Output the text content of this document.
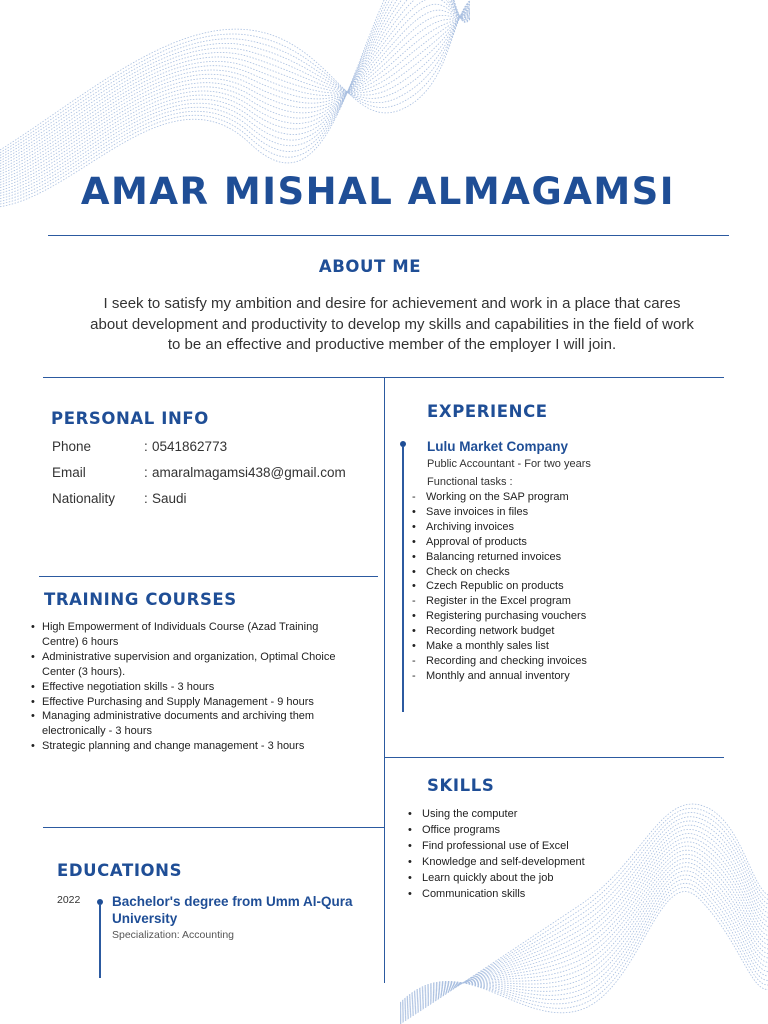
AMAR MISHAL ALMAGAMSI
ABOUT ME
I seek to satisfy my ambition and desire for achievement and work in a place that cares about development and productivity to develop my skills and capabilities in the field of work to be an effective and productive member of the employer I will join.
PERSONAL INFO
Phone	: 0541862773
Email	: amaralmagamsi438@gmail.com
Nationality : Saudi
TRAINING COURSES
• High Empowerment of Individuals Course (Azad Training Centre) 6 hours
• Administrative supervision and organization, Optimal Choice Center (3 hours).
• Effective negotiation skills - 3 hours
• Effective Purchasing and Supply Management - 9 hours
• Managing administrative documents and archiving them electronically - 3 hours
• Strategic planning and change management - 3 hours
EXPERIENCE
Lulu Market Company
Public Accountant - For two years
Functional tasks :
- Working on the SAP program
• Save invoices in files
• Archiving invoices
• Approval of products
• Balancing returned invoices
• Check on checks
• Czech Republic on products
- Register in the Excel program
• Registering purchasing vouchers
• Recording network budget
• Make a monthly sales list
- Recording and checking invoices
- Monthly and annual inventory
SKILLS
• Using the computer
• Office programs
• Find professional use of Excel
• Knowledge and self-development
• Learn quickly about the job
• Communication skills
EDUCATIONS
2022 Bachelor's degree from Umm Al-Qura University
Specialization: Accounting
